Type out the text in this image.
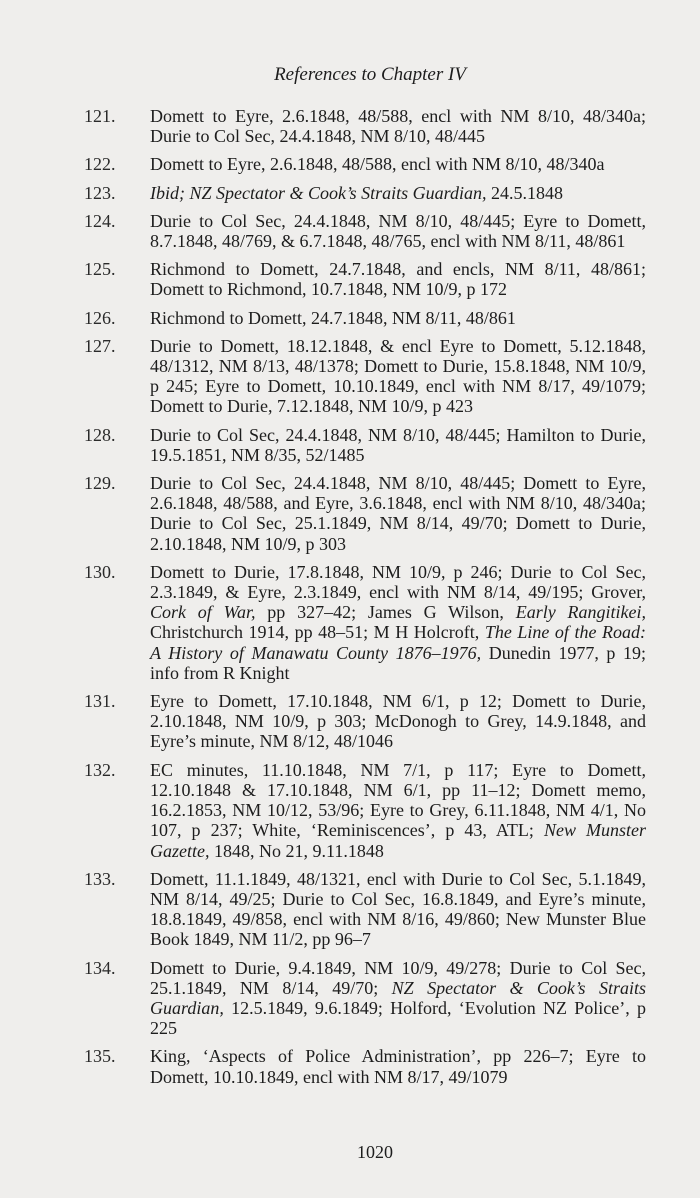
References to Chapter IV
121.	Domett to Eyre, 2.6.1848, 48/588, encl with NM 8/10, 48/340a; Durie to Col Sec, 24.4.1848, NM 8/10, 48/445
122.	Domett to Eyre, 2.6.1848, 48/588, encl with NM 8/10, 48/340a
123.	Ibid; NZ Spectator & Cook’s Straits Guardian, 24.5.1848
124.	Durie to Col Sec, 24.4.1848, NM 8/10, 48/445; Eyre to Domett, 8.7.1848, 48/769, & 6.7.1848, 48/765, encl with NM 8/11, 48/861
125.	Richmond to Domett, 24.7.1848, and encls, NM 8/11, 48/861; Domett to Richmond, 10.7.1848, NM 10/9, p 172
126.	Richmond to Domett, 24.7.1848, NM 8/11, 48/861
127.	Durie to Domett, 18.12.1848, & encl Eyre to Domett, 5.12.1848, 48/1312, NM 8/13, 48/1378; Domett to Durie, 15.8.1848, NM 10/9, p 245; Eyre to Domett, 10.10.1849, encl with NM 8/17, 49/1079; Domett to Durie, 7.12.1848, NM 10/9, p 423
128.	Durie to Col Sec, 24.4.1848, NM 8/10, 48/445; Hamilton to Durie, 19.5.1851, NM 8/35, 52/1485
129.	Durie to Col Sec, 24.4.1848, NM 8/10, 48/445; Domett to Eyre, 2.6.1848, 48/588, and Eyre, 3.6.1848, encl with NM 8/10, 48/340a; Durie to Col Sec, 25.1.1849, NM 8/14, 49/70; Domett to Durie, 2.10.1848, NM 10/9, p 303
130.	Domett to Durie, 17.8.1848, NM 10/9, p 246; Durie to Col Sec, 2.3.1849, & Eyre, 2.3.1849, encl with NM 8/14, 49/195; Grover, Cork of War, pp 327–42; James G Wilson, Early Rangitikei, Christchurch 1914, pp 48–51; M H Holcroft, The Line of the Road: A History of Manawatu County 1876–1976, Dunedin 1977, p 19; info from R Knight
131.	Eyre to Domett, 17.10.1848, NM 6/1, p 12; Domett to Durie, 2.10.1848, NM 10/9, p 303; McDonogh to Grey, 14.9.1848, and Eyre’s minute, NM 8/12, 48/1046
132.	EC minutes, 11.10.1848, NM 7/1, p 117; Eyre to Domett, 12.10.1848 & 17.10.1848, NM 6/1, pp 11–12; Domett memo, 16.2.1853, NM 10/12, 53/96; Eyre to Grey, 6.11.1848, NM 4/1, No 107, p 237; White, ‘Reminiscences’, p 43, ATL; New Munster Gazette, 1848, No 21, 9.11.1848
133.	Domett, 11.1.1849, 48/1321, encl with Durie to Col Sec, 5.1.1849, NM 8/14, 49/25; Durie to Col Sec, 16.8.1849, and Eyre’s minute, 18.8.1849, 49/858, encl with NM 8/16, 49/860; New Munster Blue Book 1849, NM 11/2, pp 96–7
134.	Domett to Durie, 9.4.1849, NM 10/9, 49/278; Durie to Col Sec, 25.1.1849, NM 8/14, 49/70; NZ Spectator & Cook’s Straits Guardian, 12.5.1849, 9.6.1849; Holford, ‘Evolution NZ Police’, p 225
135.	King, ‘Aspects of Police Administration’, pp 226–7; Eyre to Domett, 10.10.1849, encl with NM 8/17, 49/1079
1020
